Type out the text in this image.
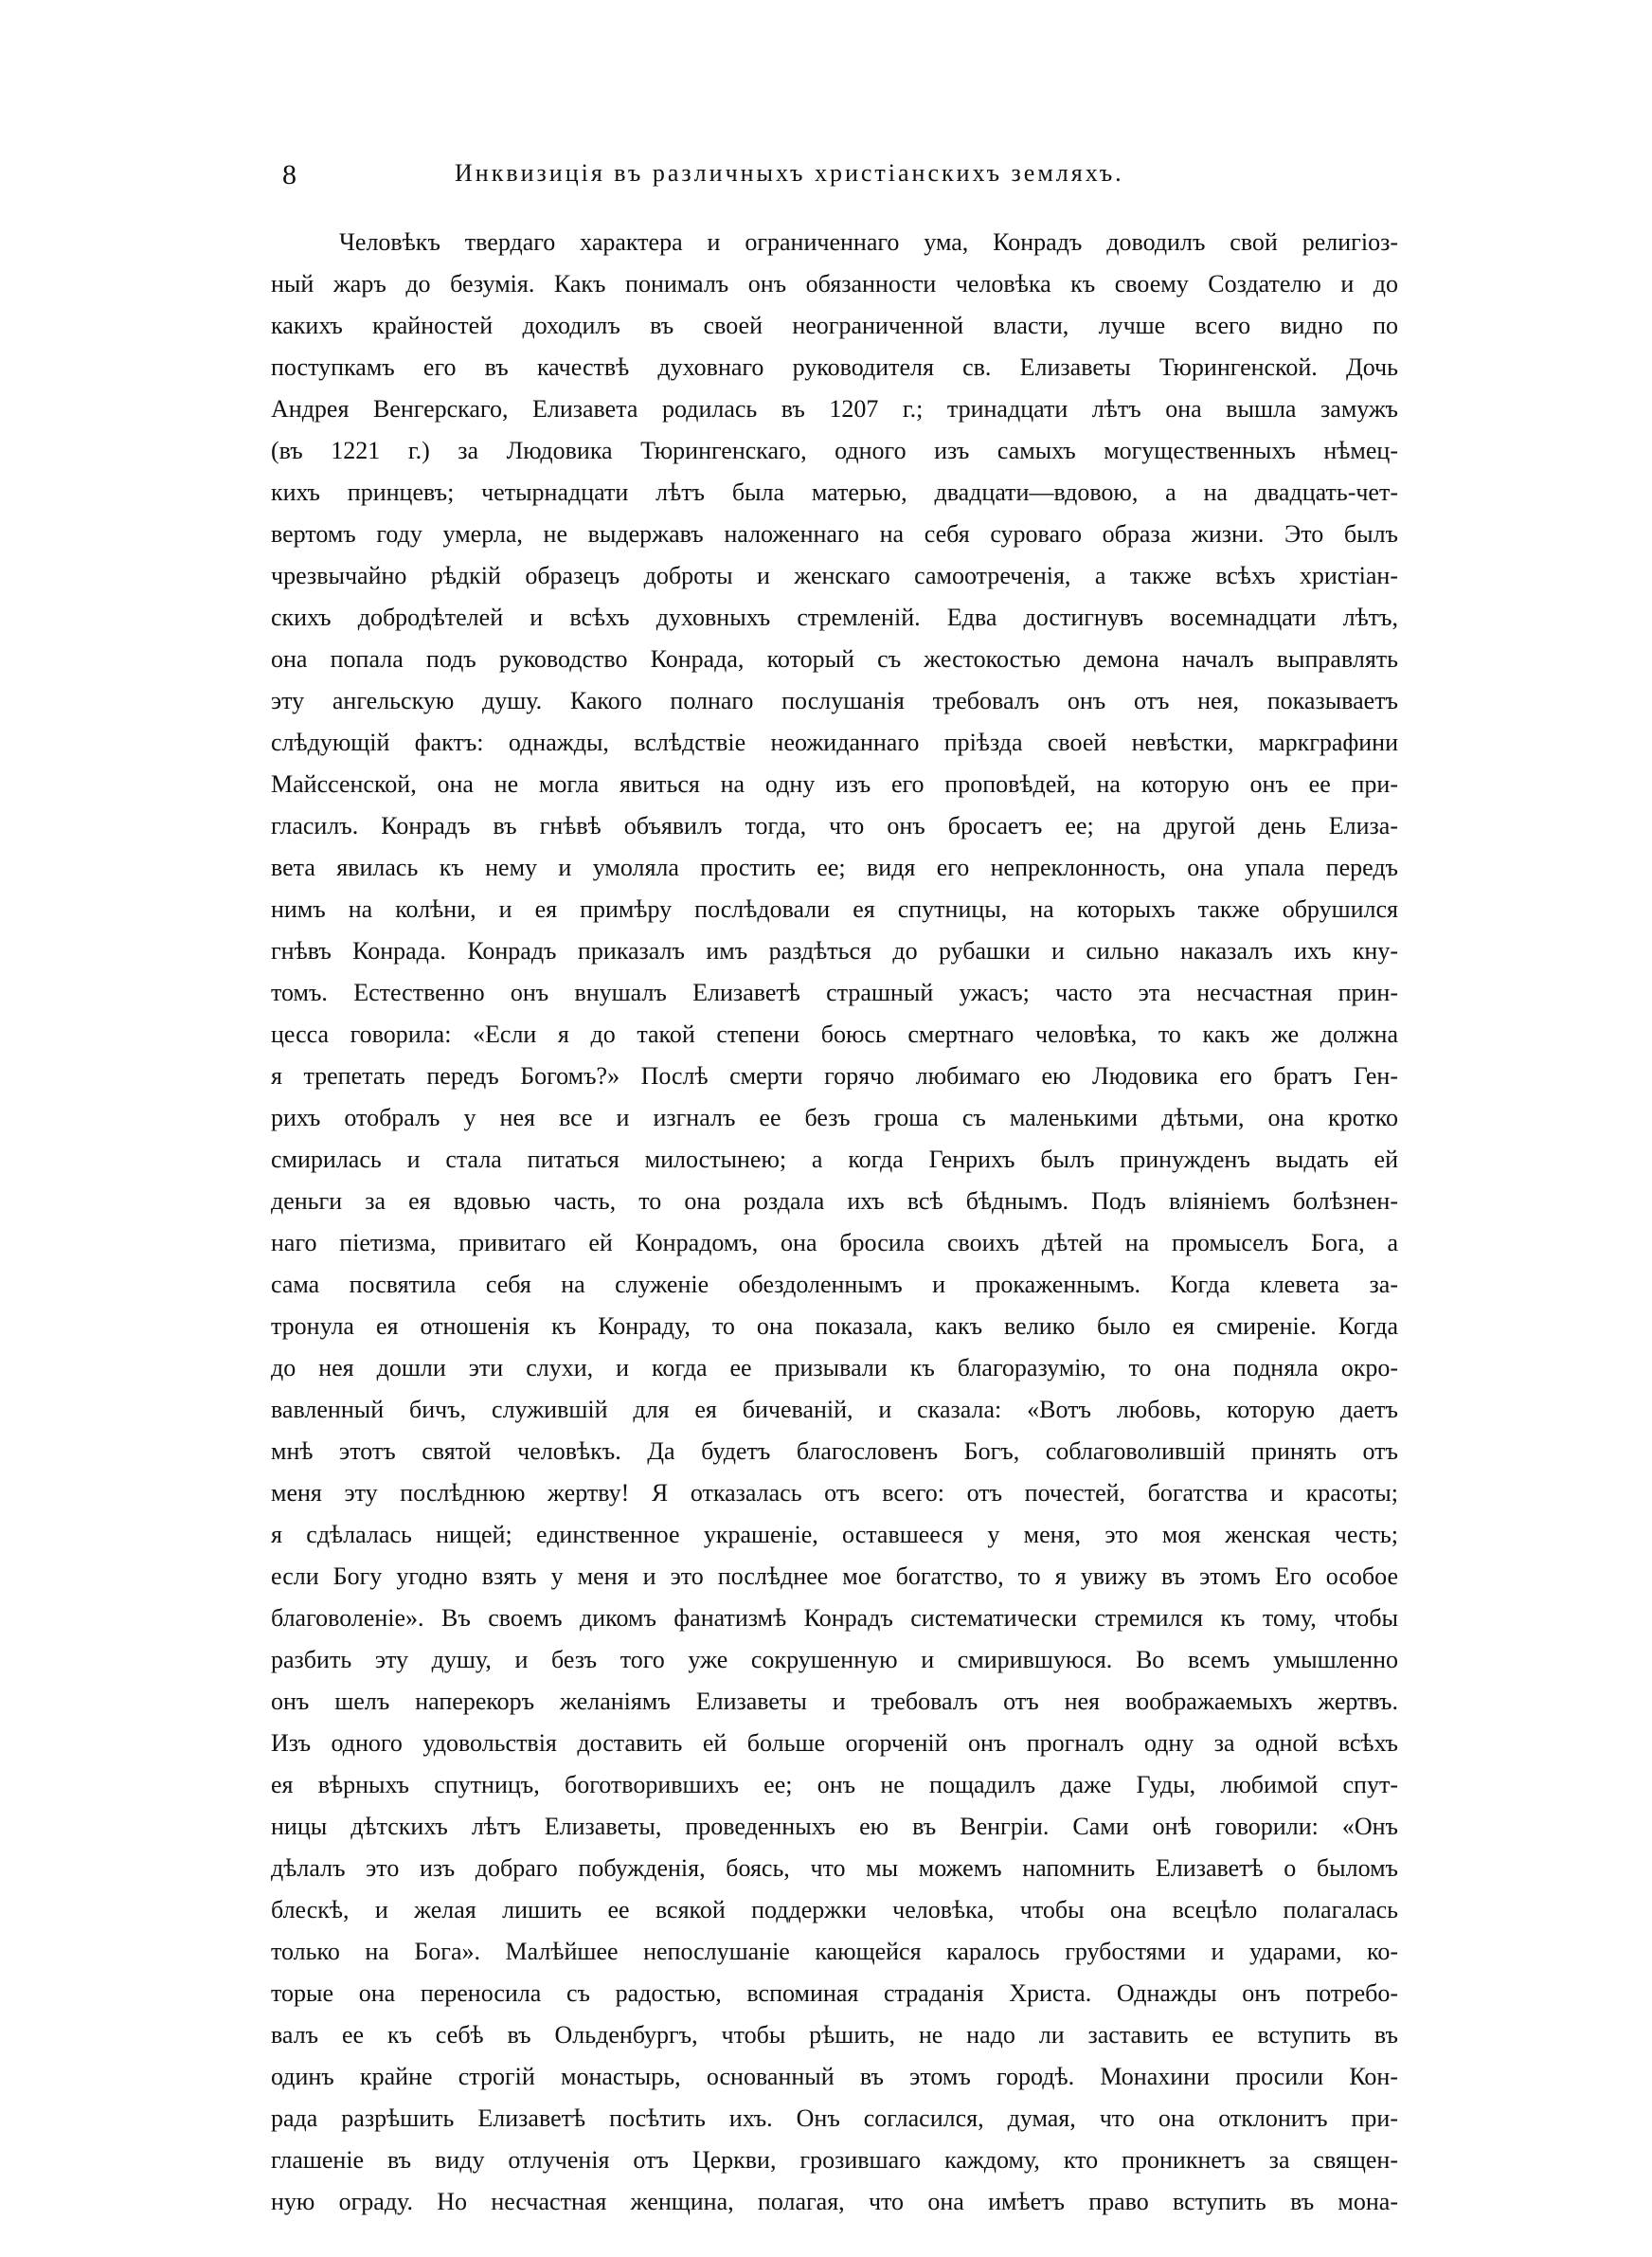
8	Инквизиція въ различныхъ христіанскихъ земляхъ.
Человѣкъ твердаго характера и ограниченнаго ума, Конрадъ доводилъ свой религіоз-
ный жаръ до безумія. Какъ понималъ онъ обязанности человѣка къ своему Создателю и до
какихъ крайностей доходилъ въ своей неограниченной власти, лучше всего видно по
поступкамъ его въ качествѣ духовнаго руководителя св. Елизаветы Тюрингенской. Дочь
Андрея Венгерскаго, Елизавета родилась въ 1207 г.; тринадцати лѣтъ она вышла замужъ
(въ 1221 г.) за Людовика Тюрингенскаго, одного изъ самыхъ могущественныхъ нѣмец-
кихъ принцевъ; четырнадцати лѣтъ была матерью, двадцати—вдовою, а на двадцать-чет-
вертомъ году умерла, не выдержавъ наложеннаго на себя суроваго образа жизни. Это былъ
чрезвычайно рѣдкій образецъ доброты и женскаго самоотреченія, а также всѣхъ христіан-
скихъ добродѣтелей и всѣхъ духовныхъ стремленій. Едва достигнувъ восемнадцати лѣтъ,
она попала подъ руководство Конрада, который съ жестокостью демона началъ выправлять
эту ангельскую душу. Какого полнаго послушанія требовалъ онъ отъ нея, показываетъ
слѣдующій фактъ: однажды, вслѣдствіе неожиданнаго пріѣзда своей невѣстки, маркграфини
Майссенской, она не могла явиться на одну изъ его проповѣдей, на которую онъ ее при-
гласилъ. Конрадъ въ гнѣвѣ объявилъ тогда, что онъ бросаетъ ее; на другой день Елиза-
вета явилась къ нему и умоляла простить ее; видя его непреклонность, она упала передъ
нимъ на колѣни, и ея примѣру послѣдовали ея спутницы, на которыхъ также обрушился
гнѣвъ Конрада. Конрадъ приказалъ имъ раздѣться до рубашки и сильно наказалъ ихъ кну-
томъ. Естественно онъ внушалъ Елизаветѣ страшный ужасъ; часто эта несчастная прин-
цесса говорила: «Если я до такой степени боюсь смертнаго человѣка, то какъ же должна
я трепетать передъ Богомъ?» Послѣ смерти горячо любимаго ею Людовика его братъ Ген-
рихъ отобралъ у нея все и изгналъ ее безъ гроша съ маленькими дѣтьми, она кротко
смирилась и стала питаться милостынею; а когда Генрихъ былъ принужденъ выдать ей
деньги за ея вдовью часть, то она роздала ихъ всѣ бѣднымъ. Подъ вліяніемъ болѣзнен-
наго піетизма, привитаго ей Конрадомъ, она бросила своихъ дѣтей на промыселъ Бога, а
сама посвятила себя на служеніе обездоленнымъ и прокаженнымъ. Когда клевета за-
тронула ея отношенія къ Конраду, то она показала, какъ велико было ея смиреніе. Когда
до нея дошли эти слухи, и когда ее призывали къ благоразумію, то она подняла окро-
вавленный бичъ, служившій для ея бичеваній, и сказала: «Вотъ любовь, которую даетъ
мнѣ этотъ святой человѣкъ. Да будетъ благословенъ Богъ, соблаговолившій принять отъ
меня эту послѣднюю жертву! Я отказалась отъ всего: отъ почестей, богатства и красоты;
я сдѣлалась нищей; единственное украшеніе, оставшееся у меня, это моя женская честь;
если Богу угодно взять у меня и это послѣднее мое богатство, то я увижу въ этомъ Его особое
благоволеніе». Въ своемъ дикомъ фанатизмѣ Конрадъ систематически стремился къ тому, чтобы
разбить эту душу, и безъ того уже сокрушенную и смирившуюся. Во всемъ умышленно
онъ шелъ наперекоръ желаніямъ Елизаветы и требовалъ отъ нея воображаемыхъ жертвъ.
Изъ одного удовольствія доставить ей больше огорченій онъ прогналъ одну за одной всѣхъ
ея вѣрныхъ спутницъ, боготворившихъ ее; онъ не пощадилъ даже Гуды, любимой спут-
ницы дѣтскихъ лѣтъ Елизаветы, проведенныхъ ею въ Венгріи. Сами онѣ говорили: «Онъ
дѣлалъ это изъ добраго побужденія, боясь, что мы можемъ напомнить Елизаветѣ о быломъ
блескѣ, и желая лишить ее всякой поддержки человѣка, чтобы она всецѣло полагалась
только на Бога». Малѣйшее непослушаніе кающейся каралось грубостями и ударами, ко-
торые она переносила съ радостью, вспоминая страданія Христа. Однажды онъ потребо-
валъ ее къ себѣ въ Ольденбургъ, чтобы рѣшить, не надо ли заставить ее вступить въ
одинъ крайне строгій монастырь, основанный въ этомъ городѣ. Монахини просили Кон-
рада разрѣшить Елизаветѣ посѣтить ихъ. Онъ согласился, думая, что она отклонитъ при-
глашеніе въ виду отлученія отъ Церкви, грозившаго каждому, кто проникнетъ за священ-
ную ограду. Но несчастная женщина, полагая, что она имѣетъ право вступить въ мона-
